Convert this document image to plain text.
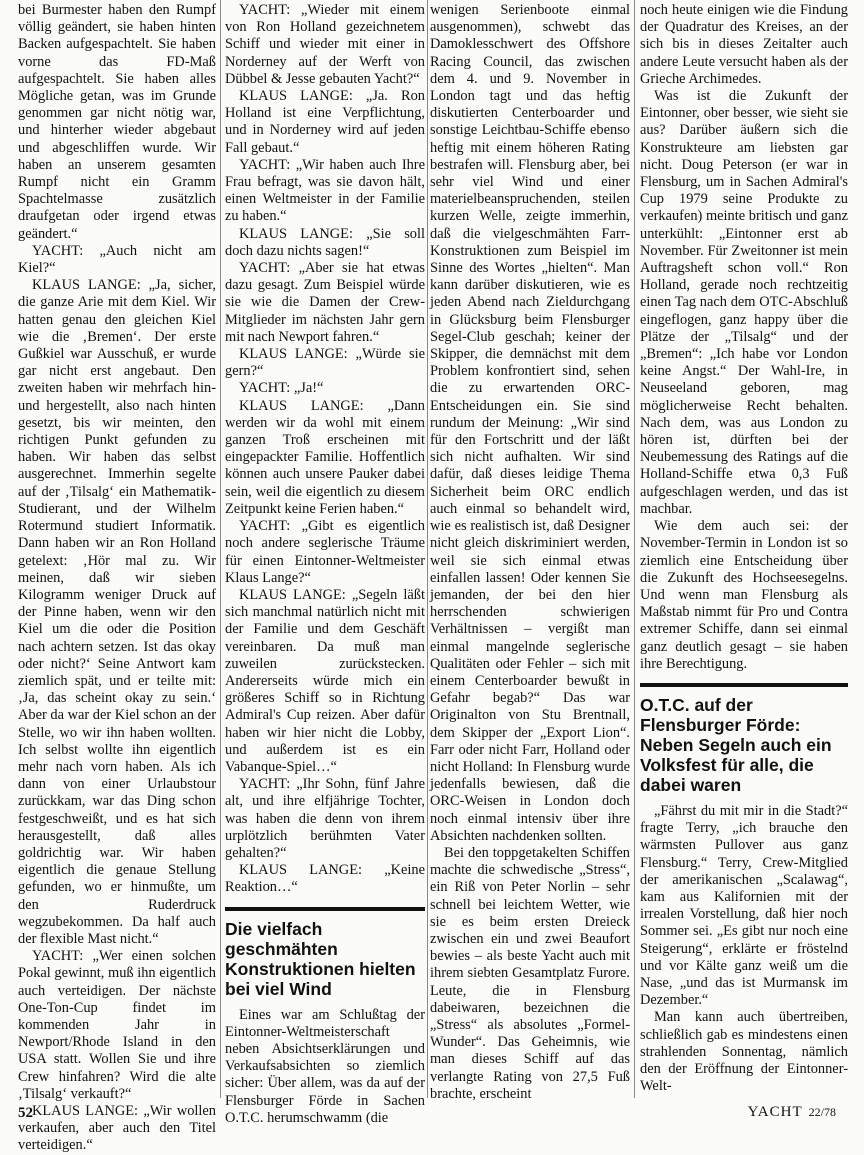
bei Burmester haben den Rumpf völlig geändert, sie haben hinten Backen aufgespachtelt. Sie haben vorne das FD-Maß aufgespachtelt. Sie haben alles Mögliche getan, was im Grunde genommen gar nicht nötig war, und hinterher wieder abgebaut und abgeschliffen wurde. Wir haben an unserem gesamten Rumpf nicht ein Gramm Spachtelmasse zusätzlich draufgetan oder irgend etwas geändert.“

YACHT: „Auch nicht am Kiel?“

KLAUS LANGE: „Ja, sicher, die ganze Arie mit dem Kiel. Wir hatten genau den gleichen Kiel wie die ‚Bremen‘. Der erste Gußkiel war Ausschuß, er wurde gar nicht erst angebaut. Den zweiten haben wir mehrfach hin- und hergestellt, also nach hinten gesetzt, bis wir meinten, den richtigen Punkt gefunden zu haben. Wir haben das selbst ausgerechnet. Immerhin segelte auf der ‚Tilsalg‘ ein Mathematik-Studierant, und der Wilhelm Rotermund studiert Informatik. Dann haben wir an Ron Holland getelext: ‚Hör mal zu. Wir meinen, daß wir sieben Kilogramm weniger Druck auf der Pinne haben, wenn wir den Kiel um die oder die Position nach achtern setzen. Ist das okay oder nicht?‘ Seine Antwort kam ziemlich spät, und er teilte mit: ‚Ja, das scheint okay zu sein.‘ Aber da war der Kiel schon an der Stelle, wo wir ihn haben wollten. Ich selbst wollte ihn eigentlich mehr nach vorn haben. Als ich dann von einer Urlaubstour zurückkam, war das Ding schon festgeschweißt, und es hat sich herausgestellt, daß alles goldrichtig war. Wir haben eigentlich die genaue Stellung gefunden, wo er hinmußte, um den Ruderdruck wegzubekommen. Da half auch der flexible Mast nicht.“

YACHT: „Wer einen solchen Pokal gewinnt, muß ihn eigentlich auch verteidigen. Der nächste One-Ton-Cup findet im kommenden Jahr in Newport/Rhode Island in den USA statt. Wollen Sie und ihre Crew hinfahren? Wird die alte ‚Tilsalg‘ verkauft?“

KLAUS LANGE: „Wir wollen verkaufen, aber auch den Titel verteidigen.“

YACHT: „Wieder mit einem von Ron Holland gezeichnetem Schiff und wieder mit einer in Norderney auf der Werft von Dübbel & Jesse gebauten Yacht?“

KLAUS LANGE: „Ja. Ron Holland ist eine Verpflichtung, und in Norderney wird auf jeden Fall gebaut.“

YACHT: „Wir haben auch Ihre Frau befragt, was sie davon hält, einen Weltmeister in der Familie zu haben.“

KLAUS LANGE: „Sie soll doch dazu nichts sagen!“

YACHT: „Aber sie hat etwas dazu gesagt. Zum Beispiel würde sie wie die Damen der Crew-Mitglieder im nächsten Jahr gern mit nach Newport fahren.“

KLAUS LANGE: „Würde sie gern?“

YACHT: „Ja!“

KLAUS LANGE: „Dann werden wir da wohl mit einem ganzen Troß erscheinen mit eingepackter Familie. Hoffentlich können auch unsere Pauker dabei sein, weil die eigentlich zu diesem Zeitpunkt keine Ferien haben.“

YACHT: „Gibt es eigentlich noch andere seglerische Träume für einen Eintonner-Weltmeister Klaus Lange?“

KLAUS LANGE: „Segeln läßt sich manchmal natürlich nicht mit der Familie und dem Geschäft vereinbaren. Da muß man zuweilen zurückstecken. Andererseits würde mich ein größeres Schiff so in Richtung Admiral's Cup reizen. Aber dafür haben wir hier nicht die Lobby, und außerdem ist es ein Vabanque-Spiel…“

YACHT: „Ihr Sohn, fünf Jahre alt, und ihre elfjährige Tochter, was haben die denn von ihrem urplötzlich berühmten Vater gehalten?“

KLAUS LANGE: „Keine Reaktion…“

Die vielfach geschmähten Konstruktionen hielten bei viel Wind

Eines war am Schlußtag der Eintonner-Weltmeisterschaft neben Absichtserklärungen und Verkaufsabsichten so ziemlich sicher: Über allem, was da auf der Flensburger Förde in Sachen O.T.C. herumschwamm (die

wenigen Serienboote einmal ausgenommen), schwebt das Damoklesschwert des Offshore Racing Council, das zwischen dem 4. und 9. November in London tagt und das heftig diskutierten Centerboarder und sonstige Leichtbau-Schiffe ebenso heftig mit einem höheren Rating bestrafen will. Flensburg aber, bei sehr viel Wind und einer materielbeanspruchenden, steilen kurzen Welle, zeigte immerhin, daß die vielgeschmähten Farr-Konstruktionen zum Beispiel im Sinne des Wortes „hielten“. Man kann darüber diskutieren, wie es jeden Abend nach Zieldurchgang in Glücksburg beim Flensburger Segel-Club geschah; keiner der Skipper, die demnächst mit dem Problem konfrontiert sind, sehen die zu erwartenden ORC-Entscheidungen ein. Sie sind rundum der Meinung: „Wir sind für den Fortschritt und der läßt sich nicht aufhalten. Wir sind dafür, daß dieses leidige Thema Sicherheit beim ORC endlich auch einmal so behandelt wird, wie es realistisch ist, daß Designer nicht gleich diskriminiert werden, weil sie sich einmal etwas einfallen lassen! Oder kennen Sie jemanden, der bei den hier herrschenden schwierigen Verhältnissen – vergißt man einmal mangelnde seglerische Qualitäten oder Fehler – sich mit einem Centerboarder bewußt in Gefahr begab?“ Das war Originalton von Stu Brentnall, dem Skipper der „Export Lion“. Farr oder nicht Farr, Holland oder nicht Holland: In Flensburg wurde jedenfalls bewiesen, daß die ORC-Weisen in London doch noch einmal intensiv über ihre Absichten nachdenken sollten.

Bei den toppgetakelten Schiffen machte die schwedische „Stress“, ein Riß von Peter Norlin – sehr schnell bei leichtem Wetter, wie sie es beim ersten Dreieck zwischen ein und zwei Beaufort bewies – als beste Yacht auch mit ihrem siebten Gesamtplatz Furore. Leute, die in Flensburg dabeiwaren, bezeichnen die „Stress“ als absolutes „Formel-Wunder“. Das Geheimnis, wie man dieses Schiff auf das verlangte Rating von 27,5 Fuß brachte, erscheint

noch heute einigen wie die Findung der Quadratur des Kreises, an der sich bis in dieses Zeitalter auch andere Leute versucht haben als der Grieche Archimedes.

Was ist die Zukunft der Eintonner, ober besser, wie sieht sie aus? Darüber äußern sich die Konstrukteure am liebsten gar nicht. Doug Peterson (er war in Flensburg, um in Sachen Admiral's Cup 1979 seine Produkte zu verkaufen) meinte britisch und ganz unterkühlt: „Eintonner erst ab November. Für Zweitonner ist mein Auftragsheft schon voll.“ Ron Holland, gerade noch rechtzeitig einen Tag nach dem OTC-Abschluß eingeflogen, ganz happy über die Plätze der „Tilsalg“ und der „Bremen“: „Ich habe vor London keine Angst.“ Der Wahl-Ire, in Neuseeland geboren, mag möglicherweise Recht behalten. Nach dem, was aus London zu hören ist, dürften bei der Neubemessung des Ratings auf die Holland-Schiffe etwa 0,3 Fuß aufgeschlagen werden, und das ist machbar.

Wie dem auch sei: der November-Termin in London ist so ziemlich eine Entscheidung über die Zukunft des Hochseesegelns. Und wenn man Flensburg als Maßstab nimmt für Pro und Contra extremer Schiffe, dann sei einmal ganz deutlich gesagt – sie haben ihre Berechtigung.

O.T.C. auf der Flensburger Förde: Neben Segeln auch ein Volksfest für alle, die dabei waren

„Fährst du mit mir in die Stadt?“ fragte Terry, „ich brauche den wärmsten Pullover aus ganz Flensburg.“ Terry, Crew-Mitglied der amerikanischen „Scalawag“, kam aus Kalifornien mit der irrealen Vorstellung, daß hier noch Sommer sei. „Es gibt nur noch eine Steigerung“, erklärte er fröstelnd und vor Kälte ganz weiß um die Nase, „und das ist Murmansk im Dezember.“

Man kann auch übertreiben, schließlich gab es mindestens einen strahlenden Sonnentag, nämlich den der Eröffnung der Eintonner-Welt-

52	YACHT 22/78
